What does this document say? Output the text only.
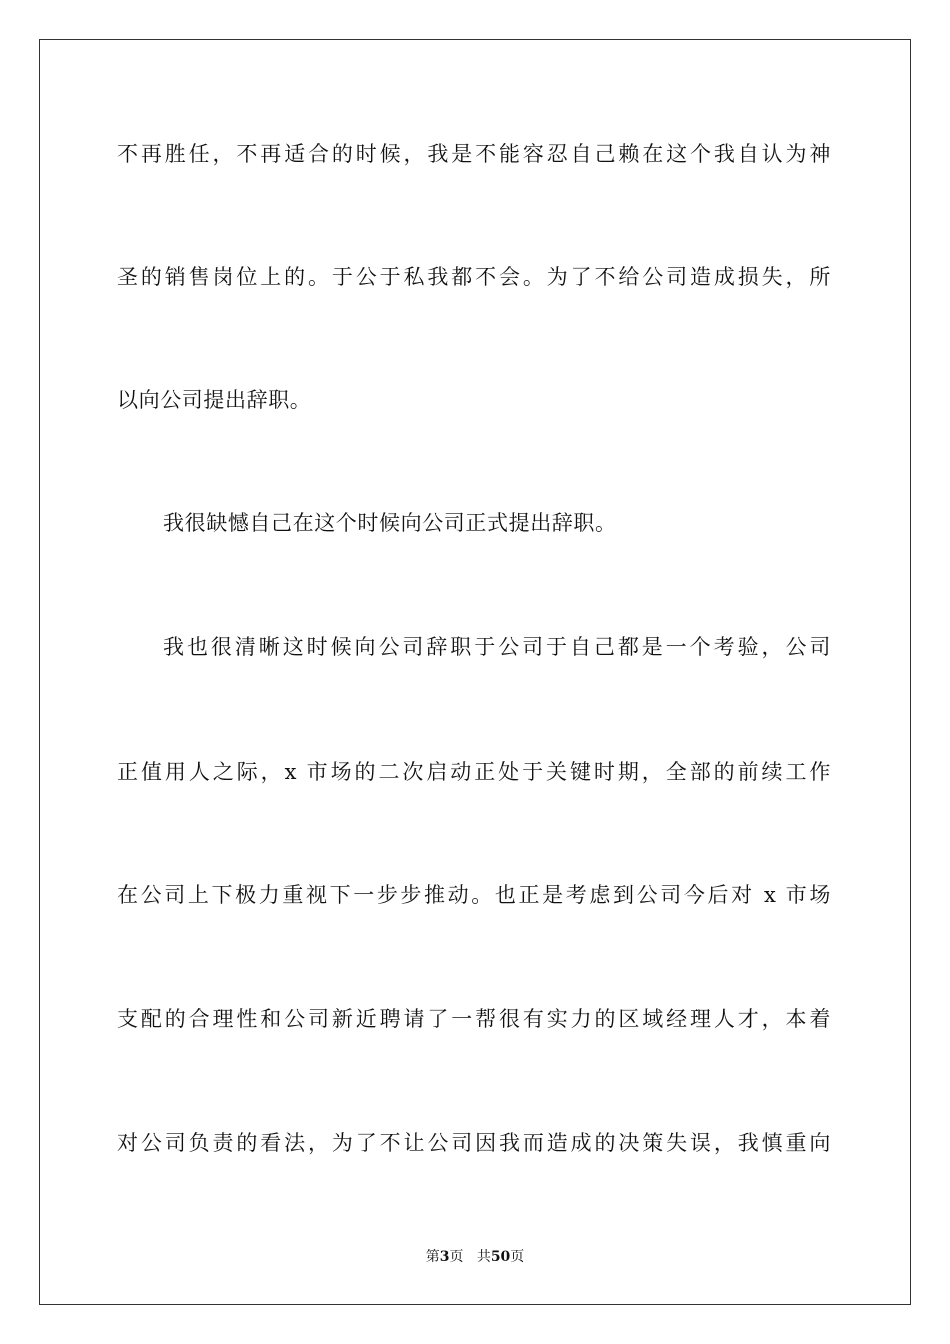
不再胜任，不再适合的时候，我是不能容忍自己赖在这个我自认为神
圣的销售岗位上的。于公于私我都不会。为了不给公司造成损失，所
以向公司提出辞职。
我很缺憾自己在这个时候向公司正式提出辞职。
我也很清晰这时候向公司辞职于公司于自己都是一个考验，公司
正值用人之际，x 市场的二次启动正处于关键时期，全部的前续工作
在公司上下极力重视下一步步推动。也正是考虑到公司今后对 x 市场
支配的合理性和公司新近聘请了一帮很有实力的区域经理人才，本着
对公司负责的看法，为了不让公司因我而造成的决策失误，我慎重向
第3页 共50页
